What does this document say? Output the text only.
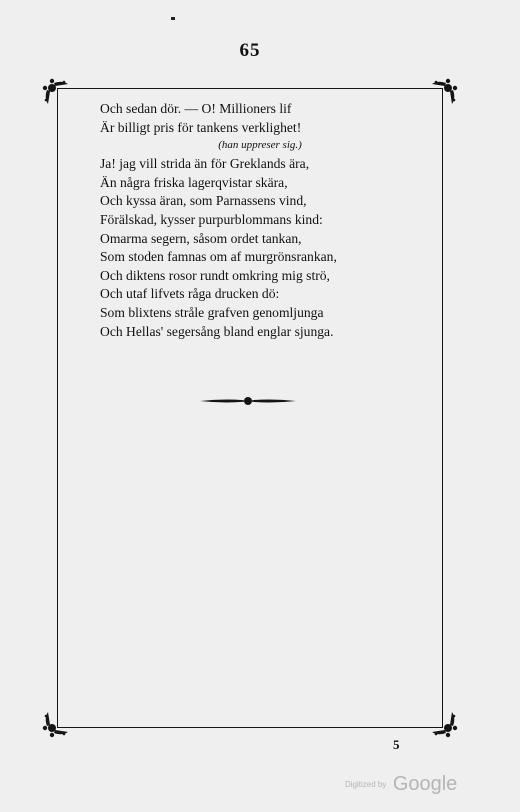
65
Och sedan dör. — O! Millioners lif
Är billigt pris för tankens verklighet!
(han uppreser sig.)
Ja! jag vill strida än för Greklands ära,
Än några friska lagerqvistar skära,
Och kyssa äran, som Parnassens vind,
Förälskad, kysser purpurblommans kind:
Omarma segern, såsom ordet tankan,
Som stoden famnas om af murgrönsrankan,
Och diktens rosor rundt omkring mig strö,
Och utaf lifvets råga drucken dö:
Som blixtens stråle grafven genomljunga
Och Hellas' segersång bland englar sjunga.
5
Digitized by Google
